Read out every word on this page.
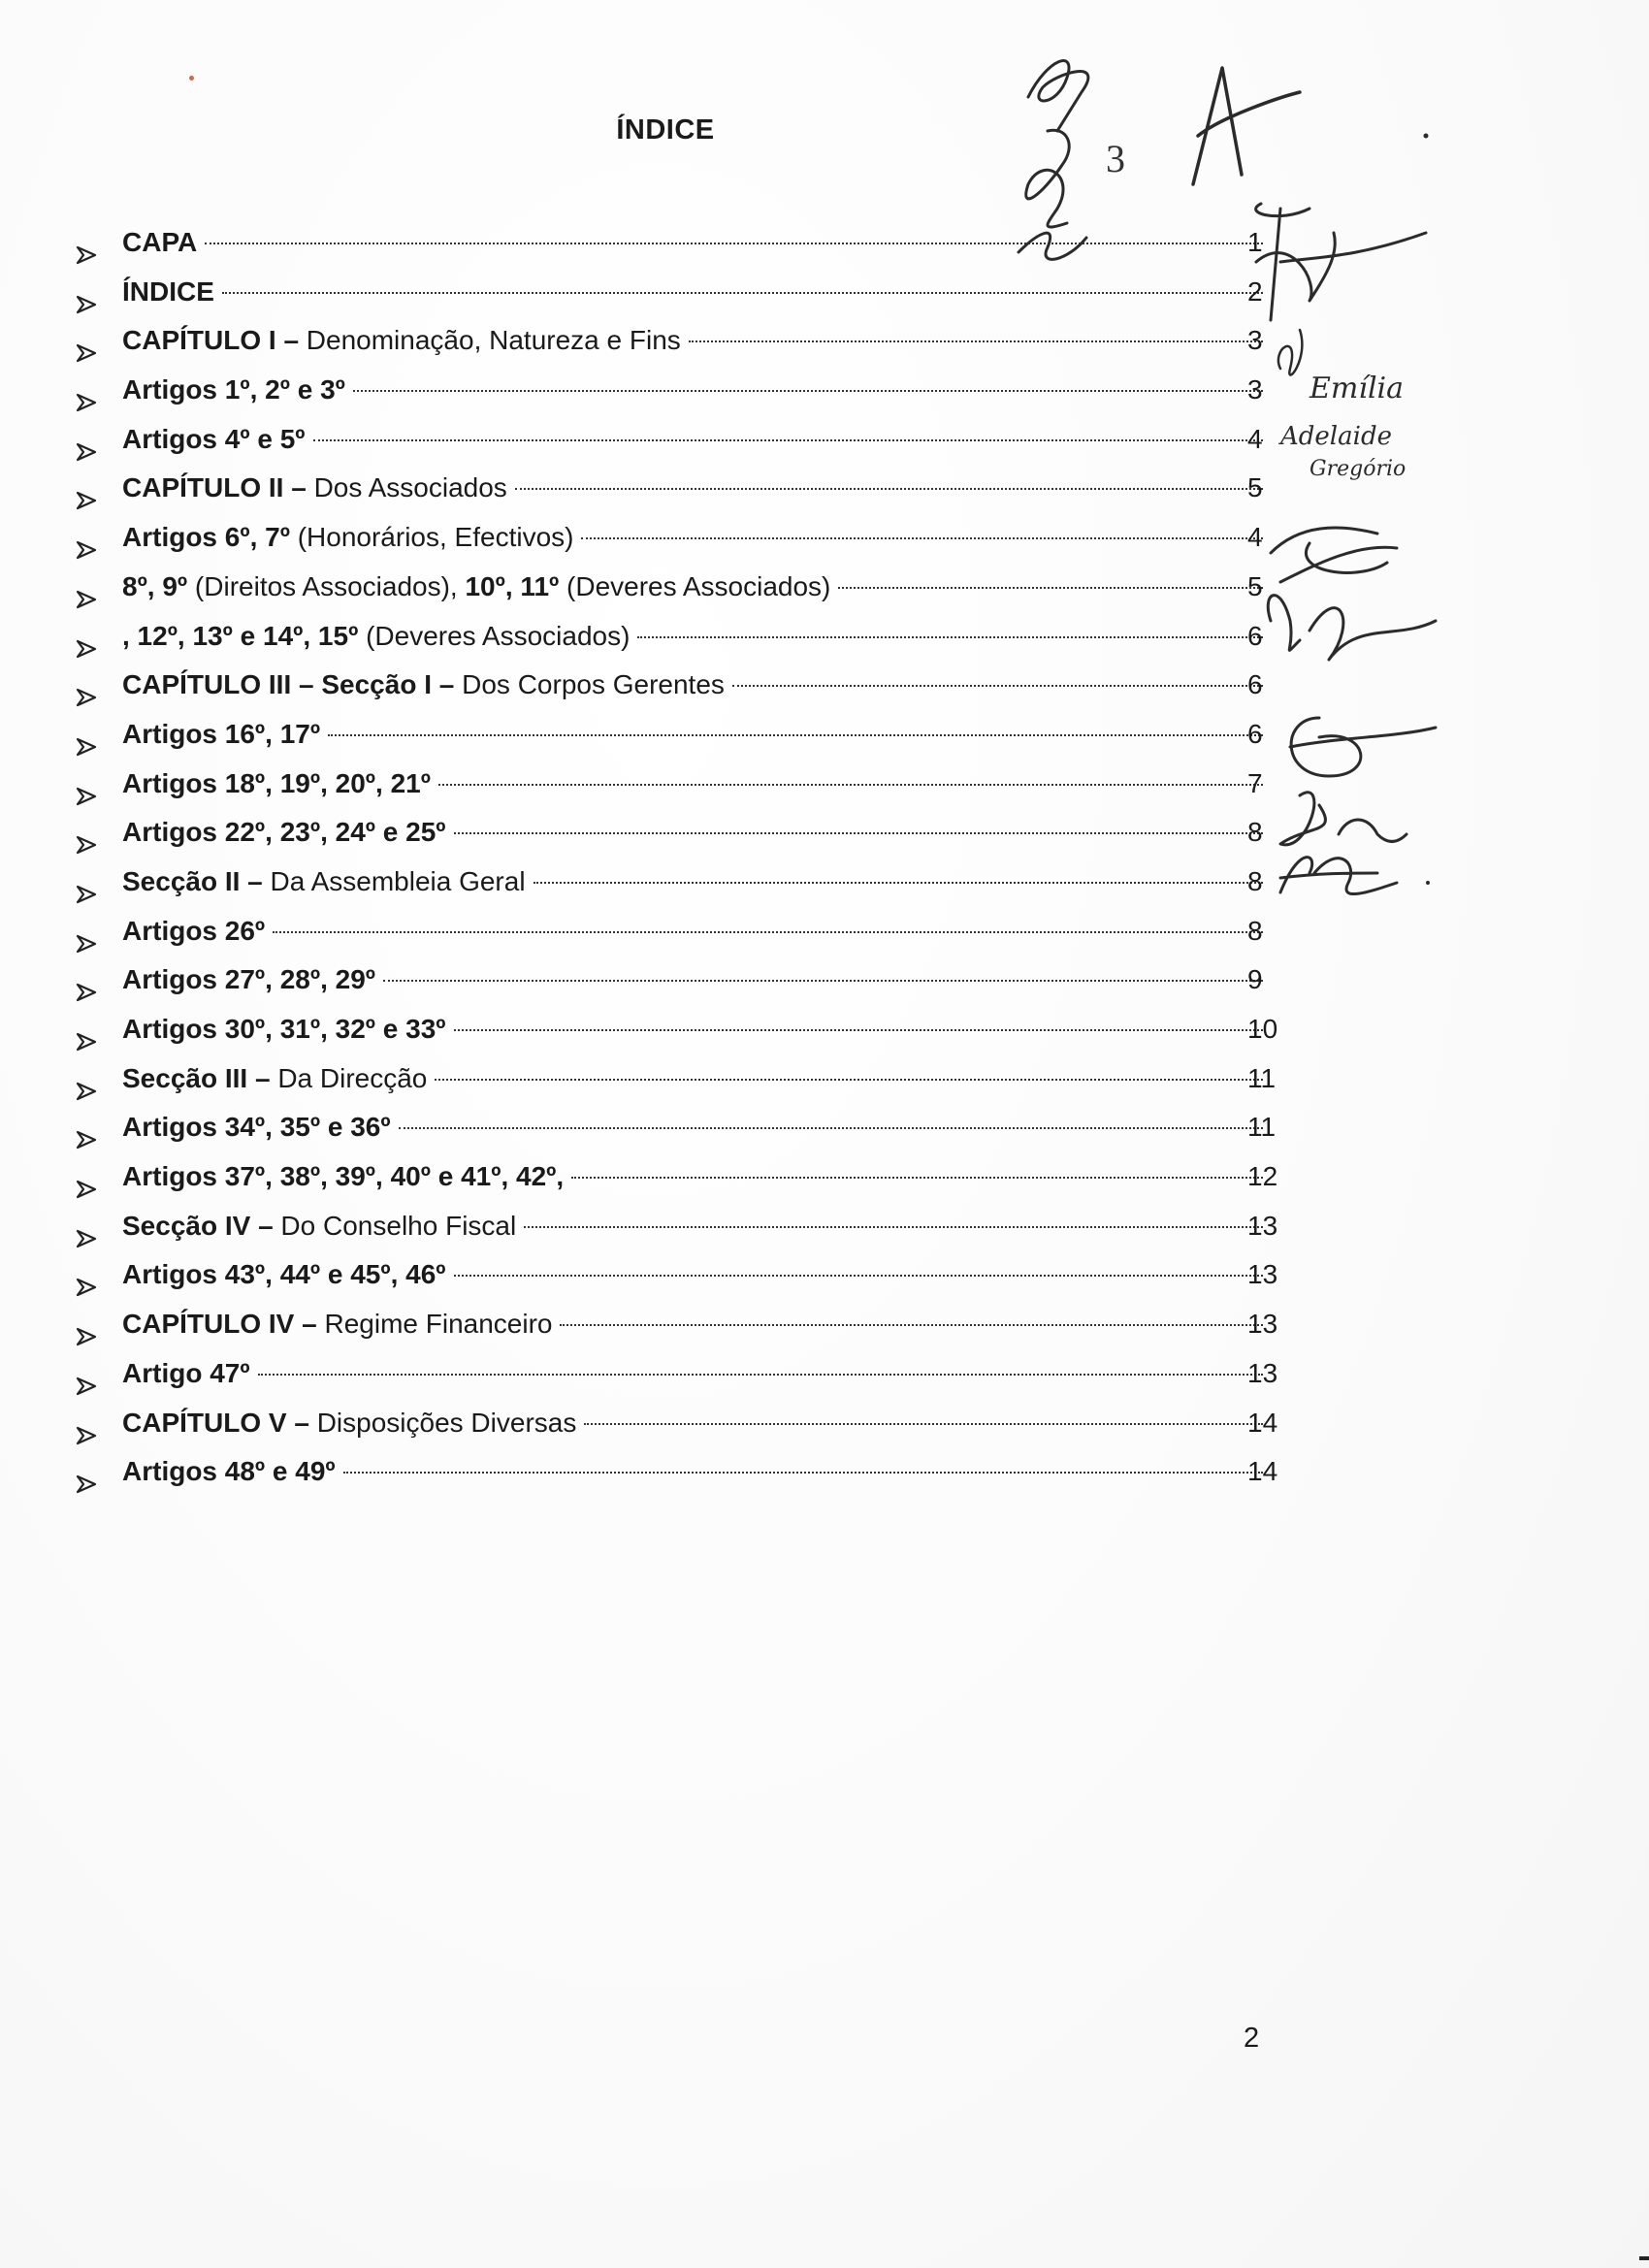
ÍNDICE
CAPA	1
ÍNDICE	2
CAPÍTULO I – Denominação, Natureza e Fins	3
Artigos 1º, 2º e 3º	3
Artigos 4º e 5º	4
CAPÍTULO II – Dos Associados	5
Artigos 6º, 7º (Honorários, Efectivos)	4
8º, 9º (Direitos Associados), 10º, 11º (Deveres Associados)	5
, 12º, 13º e 14º, 15º (Deveres Associados)	6
CAPÍTULO III – Secção I – Dos Corpos Gerentes	6
Artigos 16º, 17º	6
Artigos 18º, 19º, 20º, 21º	7
Artigos 22º, 23º, 24º e 25º	8
Secção II – Da Assembleia Geral	8
Artigos 26º	8
Artigos 27º, 28º, 29º	9
Artigos 30º, 31º, 32º e 33º	10
Secção III – Da Direcção	11
Artigos 34º, 35º e 36º	11
Artigos 37º, 38º, 39º, 40º e 41º, 42º,	12
Secção IV – Do Conselho Fiscal	13
Artigos 43º, 44º e 45º, 46º	13
CAPÍTULO IV – Regime Financeiro	13
Artigo 47º	13
CAPÍTULO V – Disposições Diversas	14
Artigos 48º e 49º	14
3
Emília
Adelaide
Gregório
2
